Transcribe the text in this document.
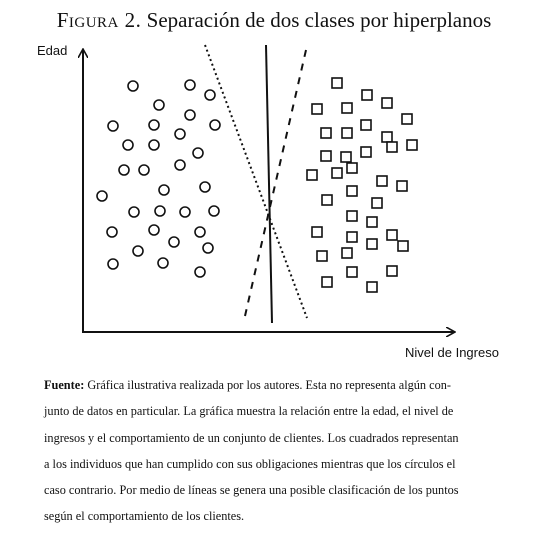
Figura 2. Separación de dos clases por hiperplanos
Edad
Nivel de Ingreso
Fuente: Gráfica ilustrativa realizada por los autores. Esta no representa algún con-
junto de datos en particular. La gráfica muestra la relación entre la edad, el nivel de
ingresos y el comportamiento de un conjunto de clientes. Los cuadrados representan
a los individuos que han cumplido con sus obligaciones mientras que los círculos el
caso contrario. Por medio de líneas se genera una posible clasificación de los puntos
según el comportamiento de los clientes.
